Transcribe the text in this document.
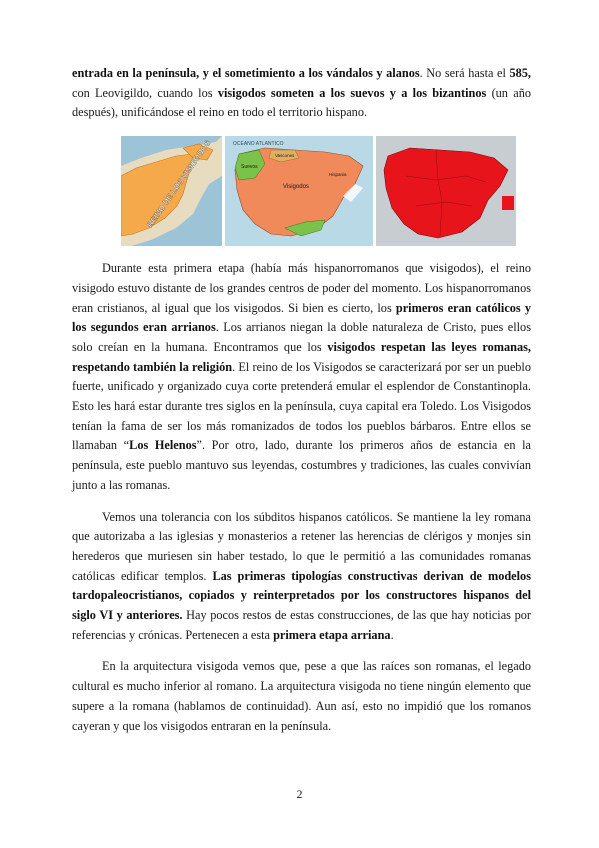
entrada en la península, y el sometimiento a los vándalos y alanos. No será hasta el 585, con Leovigildo, cuando los visigodos someten a los suevos y a los bizantinos (un año después), unificándose el reino en todo el territorio hispano.

REINO DE LOS VISIGODOS	OCEANO ATLANTICO
Suevos
Vascones
Visigodos
Hispania

Durante esta primera etapa (había más hispanorromanos que visigodos), el reino visigodo estuvo distante de los grandes centros de poder del momento. Los hispanorromanos eran cristianos, al igual que los visigodos. Si bien es cierto, los primeros eran católicos y los segundos eran arrianos. Los arrianos niegan la doble naturaleza de Cristo, pues ellos solo creían en la humana. Encontramos que los visigodos respetan las leyes romanas, respetando también la religión. El reino de los Visigodos se caracterizará por ser un pueblo fuerte, unificado y organizado cuya corte pretenderá emular el esplendor de Constantinopla. Esto les hará estar durante tres siglos en la península, cuya capital era Toledo. Los Visigodos tenían la fama de ser los más romanizados de todos los pueblos bárbaros. Entre ellos se llamaban “Los Helenos”. Por otro, lado, durante los primeros años de estancia en la península, este pueblo mantuvo sus leyendas, costumbres y tradiciones, las cuales convivían junto a las romanas.

Vemos una tolerancia con los súbditos hispanos católicos. Se mantiene la ley romana que autorizaba a las iglesias y monasterios a retener las herencias de clérigos y monjes sin herederos que muriesen sin haber testado, lo que le permitió a las comunidades romanas católicas edificar templos. Las primeras tipologías constructivas derivan de modelos tardopaleocristianos, copiados y reinterpretados por los constructores hispanos del siglo VI y anteriores. Hay pocos restos de estas construcciones, de las que hay noticias por referencias y crónicas. Pertenecen a esta primera etapa arriana.

En la arquitectura visigoda vemos que, pese a que las raíces son romanas, el legado cultural es mucho inferior al romano. La arquitectura visigoda no tiene ningún elemento que supere a la romana (hablamos de continuidad). Aun así, esto no impidió que los romanos cayeran y que los visigodos entraran en la península.

2
